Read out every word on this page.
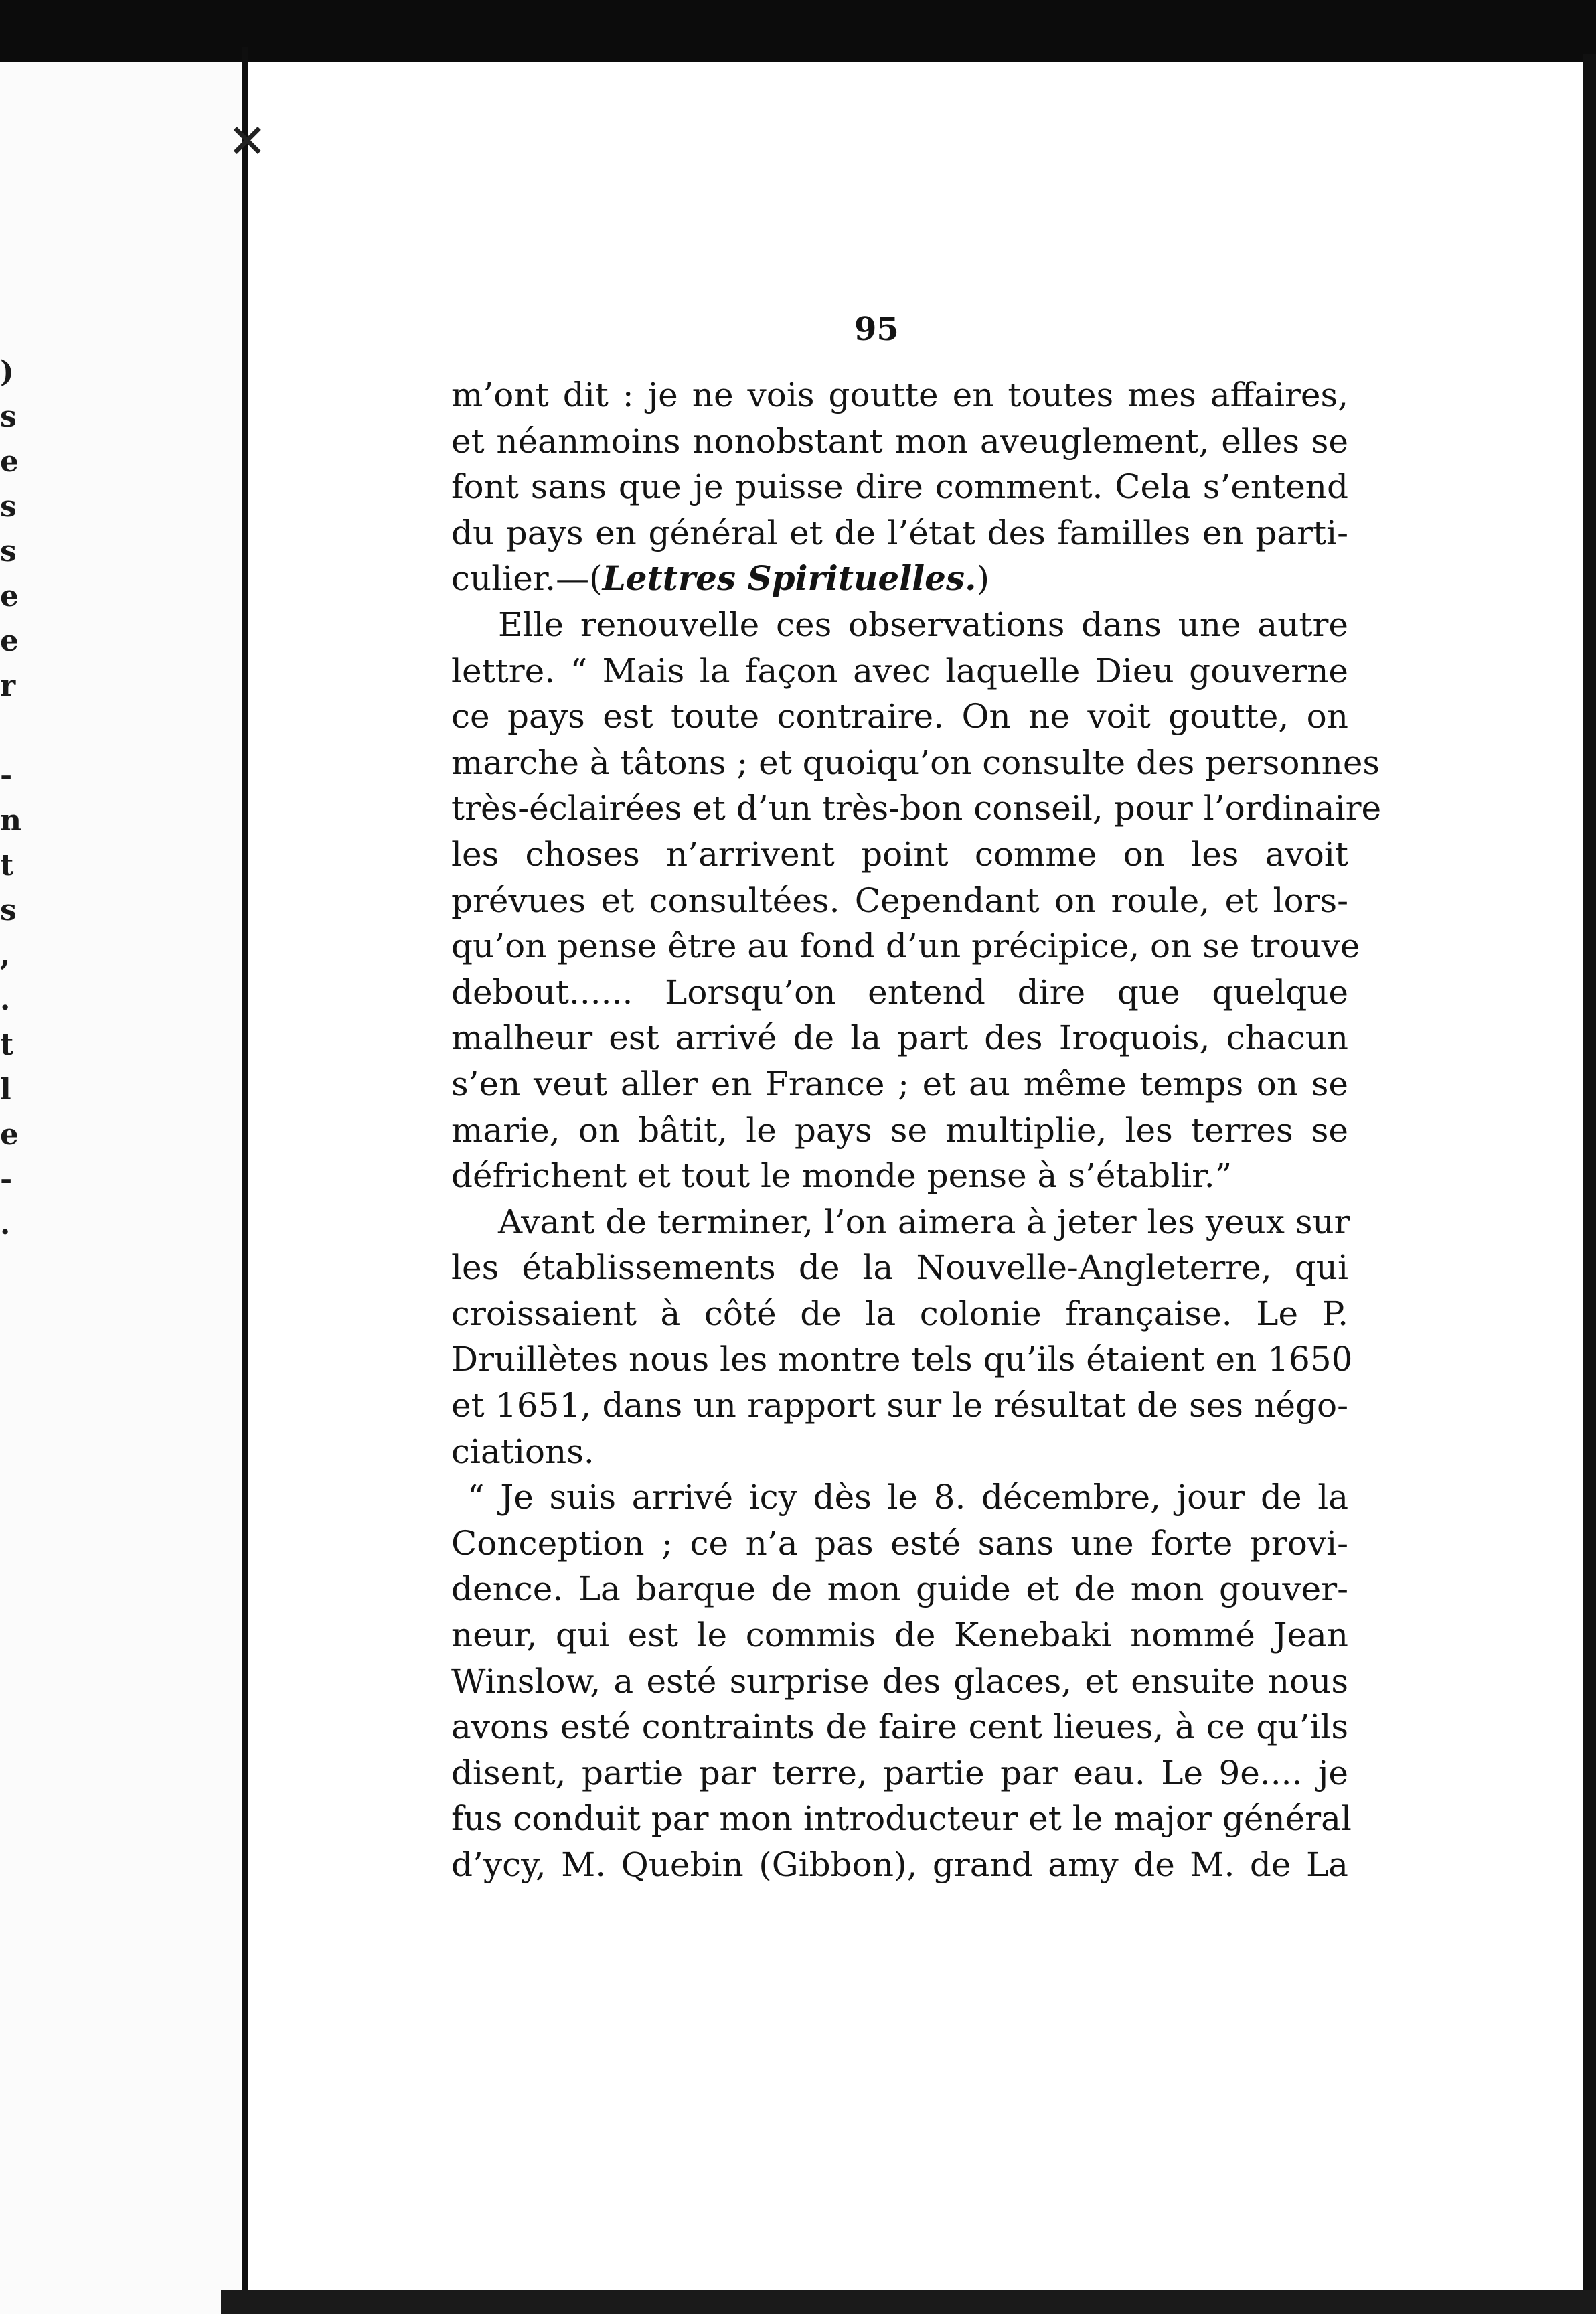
✕
)
s
e
s
s
e
e
r
-
n
t
s
,
.
t
l
e
-
.
95
m’ont dit : je ne vois goutte en toutes mes affaires,
et néanmoins nonobstant mon aveuglement, elles se
font sans que je puisse dire comment. Cela s’entend
du pays en général et de l’état des familles en parti-
culier.—(Lettres Spirituelles.)
Elle renouvelle ces observations dans une autre
lettre. “ Mais la façon avec laquelle Dieu gouverne
ce pays est toute contraire. On ne voit goutte, on
marche à tâtons ; et quoiqu’on consulte des personnes
très-éclairées et d’un très-bon conseil, pour l’ordinaire
les choses n’arrivent point comme on les avoit
prévues et consultées. Cependant on roule, et lors-
qu’on pense être au fond d’un précipice, on se trouve
debout...... Lorsqu’on entend dire que quelque
malheur est arrivé de la part des Iroquois, chacun
s’en veut aller en France ; et au même temps on se
marie, on bâtit, le pays se multiplie, les terres se
défrichent et tout le monde pense à s’établir.”
Avant de terminer, l’on aimera à jeter les yeux sur
les établissements de la Nouvelle-Angleterre, qui
croissaient à côté de la colonie française. Le P.
Druillètes nous les montre tels qu’ils étaient en 1650
et 1651, dans un rapport sur le résultat de ses négo-
ciations.
“ Je suis arrivé icy dès le 8. décembre, jour de la
Conception ; ce n’a pas esté sans une forte provi-
dence. La barque de mon guide et de mon gouver-
neur, qui est le commis de Kenebaki nommé Jean
Winslow, a esté surprise des glaces, et ensuite nous
avons esté contraints de faire cent lieues, à ce qu’ils
disent, partie par terre, partie par eau. Le 9e.... je
fus conduit par mon introducteur et le major général
d’ycy, M. Quebin (Gibbon), grand amy de M. de La
